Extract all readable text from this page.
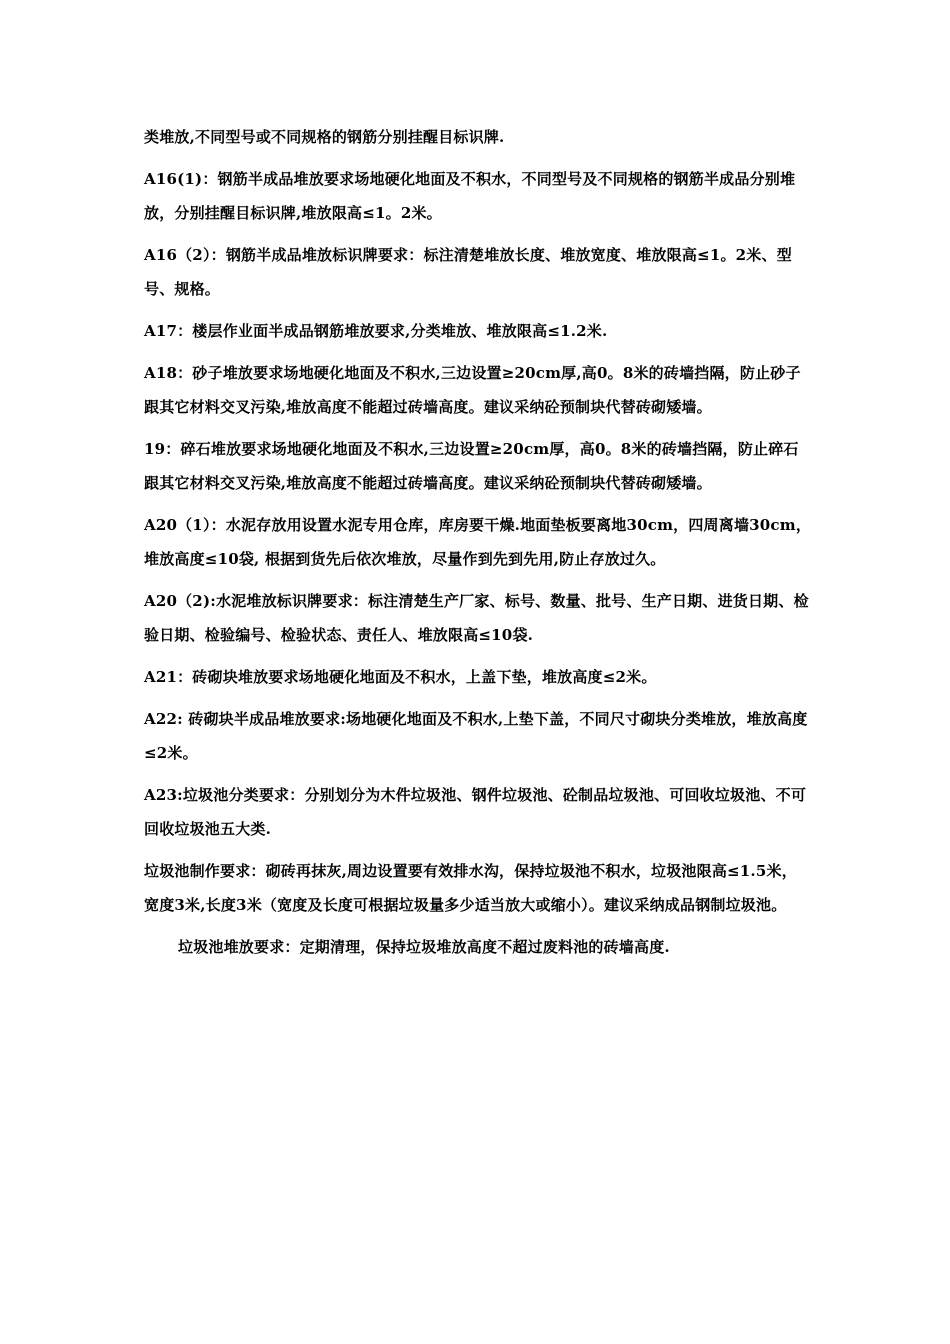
类堆放,不同型号或不同规格的钢筋分别挂醒目标识牌.

A16(1)：钢筋半成品堆放要求场地硬化地面及不积水，不同型号及不同规格的钢筋半成品分别堆放，分别挂醒目标识牌,堆放限高≤1。2米。

A16（2）：钢筋半成品堆放标识牌要求：标注清楚堆放长度、堆放宽度、堆放限高≤1。2米、型号、规格。

A17：楼层作业面半成品钢筋堆放要求,分类堆放、堆放限高≤1.2米.

A18：砂子堆放要求场地硬化地面及不积水,三边设置≥20cm厚,高0。8米的砖墙挡隔，防止砂子跟其它材料交叉污染,堆放高度不能超过砖墙高度。建议采纳砼预制块代替砖砌矮墙。

19：碎石堆放要求场地硬化地面及不积水,三边设置≥20cm厚，高0。8米的砖墙挡隔，防止碎石跟其它材料交叉污染,堆放高度不能超过砖墙高度。建议采纳砼预制块代替砖砌矮墙。

A20（1）：水泥存放用设置水泥专用仓库，库房要干燥.地面垫板要离地30cm，四周离墙30cm，堆放高度≤10袋, 根据到货先后依次堆放，尽量作到先到先用,防止存放过久。

A20（2):水泥堆放标识牌要求：标注清楚生产厂家、标号、数量、批号、生产日期、进货日期、检验日期、检验编号、检验状态、责任人、堆放限高≤10袋.

A21：砖砌块堆放要求场地硬化地面及不积水，上盖下垫，堆放高度≤2米。

A22: 砖砌块半成品堆放要求:场地硬化地面及不积水,上垫下盖，不同尺寸砌块分类堆放，堆放高度≤2米。

A23:垃圾池分类要求：分别划分为木件垃圾池、钢件垃圾池、砼制品垃圾池、可回收垃圾池、不可回收垃圾池五大类.

垃圾池制作要求：砌砖再抹灰,周边设置要有效排水沟，保持垃圾池不积水，垃圾池限高≤1.5米，宽度3米,长度3米（宽度及长度可根据垃圾量多少适当放大或缩小）。建议采纳成品钢制垃圾池。

垃圾池堆放要求：定期清理，保持垃圾堆放高度不超过废料池的砖墙高度.
